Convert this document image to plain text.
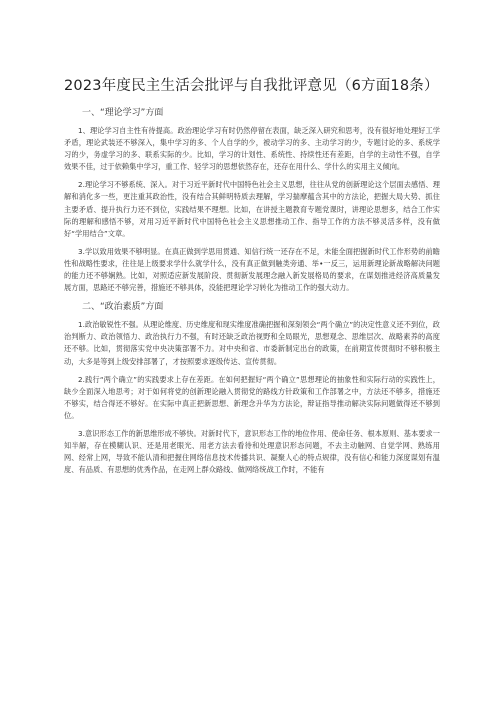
2023年度民主生活会批评与自我批评意见（6方面18条）
一、“理论学习”方面

1、理论学习自主性有待提高。政治理论学习有时仍然停留在表面，缺乏深入研究和思考，没有很好地处理好工学矛盾，理论武装还不够深入，集中学习的多、个人自学的少，被动学习的多、主动学习的少，专题讨论的多、系统学习的少，务虚学习的多、联系实际的少。比如，学习的计划性、系统性、持续性还有差距，自学的主动性不强，自学效果不佳，过于依赖集中学习，重工作、轻学习的思想依然存在，还存在用什么、学什么的实用主义倾向。

2.理论学习不够系统、深入。对于习近平新时代中国特色社会主义思想，往往从党的创新理论这个层面去感悟、理解和消化多一些，更注重其政治性，没有结合其鲜明特质去理解，学习揣摩蕴含其中的方法论，把握大局大势、抓住主要矛盾、提升执行力还不到位，实践结果不理想。比如，在讲授主题教育专题党课时，讲理论思想多，结合工作实际的理解和感悟不够，对用习近平新时代中国特色社会主义思想推动工作、指导工作的方法不够灵活多样，没有做好“学用结合”文章。

3.学以致用效果不够明显。在真正做到学思用贯通、知信行统一还存在不足，未能全面把握新时代工作形势的前瞻性和战略性要求，往往是上级要求学什么就学什么，没有真正做到触类旁通、举•一反三，运用新理论新战略解决问题的能力还不够娴熟。比如，对照适应新发展阶段、贯彻新发展理念融入新发展格局的要求，在谋划推进经济高质量发展方面，思路还不够完善，措施还不够具体，没能把理论学习转化为推动工作的强大动力。

二、“政治素质”方面

1.政治敏锐性不强。从理论维度、历史维度和现实维度准确把握和深刻领会“两个确立”的决定性意义还不到位，政治判断力、政治领悟力、政治执行力不强，有时还缺乏政治视野和全局眼光，思想观念、思维层次、战略素养的高度还不够。比如，贯彻落实党中央决策部署不力。对中央和省、市委新制定出台的政策，在前期宣传贯彻时不够积极主动，大多是等到上级安排部署了，才按照要求逐级传达、宣传贯彻。

2.践行“两个确立”的实践要求上存在差距。在如何把握好“两个确立”思想理论的抽象性和实际行动的实践性上，缺少全面深入地思考；对于如何将党的创新理论融入贯彻党的路线方针政策和工作部署之中，方法还不够多，措施还不够实，结合得还不够好。在实际中真正把新思想、新理念升华为方法论，辩证指导推动解决实际问题做得还不够到位。

3.意识形态工作的新思维形成不够快。对新时代下，意识形态工作的地位作用、使命任务、根本原则、基本要求一知半解，存在模糊认识、还是用老眼光、用老方法去看待和处理意识形态问题，不去主动触网、自觉学网、熟练用网、经常上网，导致不能认清和把握住网络信息技术传播共识、凝聚人心的特点规律，没有信心和能力深度谋划有温度、有品质、有思想的优秀作品，在走网上群众路线、做网络统战工作时，不能有
